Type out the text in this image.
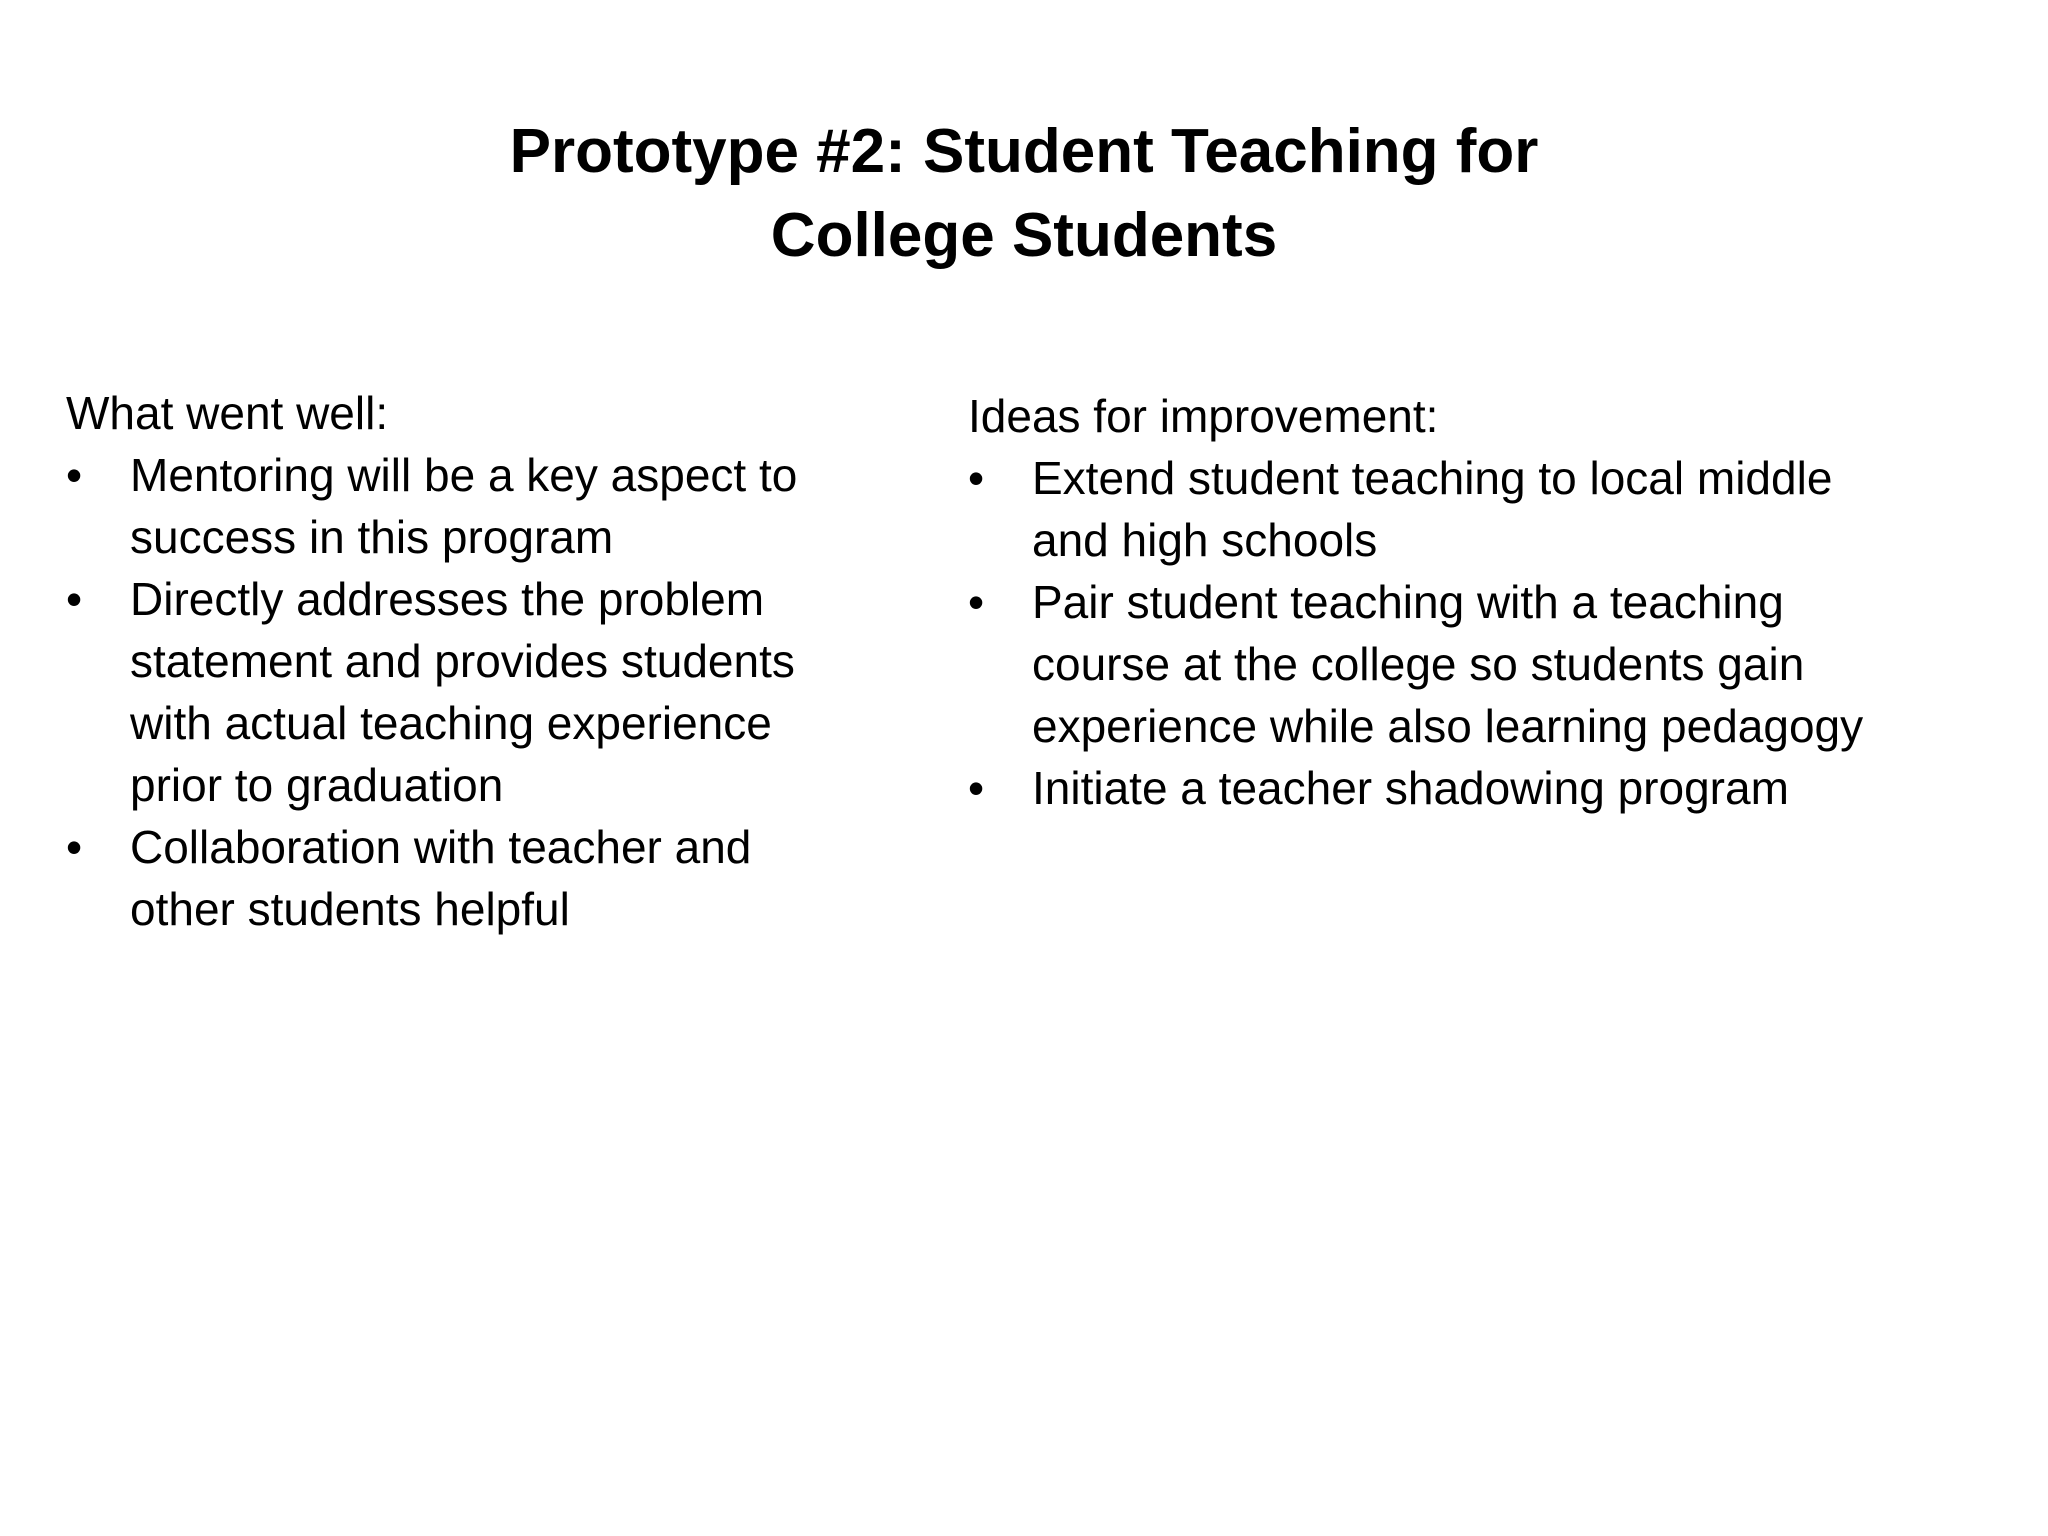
Prototype #2: Student Teaching for
College Students
What went well:
•	Mentoring will be a key aspect to success in this program
•	Directly addresses the problem statement and provides students with actual teaching experience prior to graduation
•	Collaboration with teacher and other students helpful
Ideas for improvement:
•	Extend student teaching to local middle and high schools
•	Pair student teaching with a teaching course at the college so students gain experience while also learning pedagogy
•	Initiate a teacher shadowing program
